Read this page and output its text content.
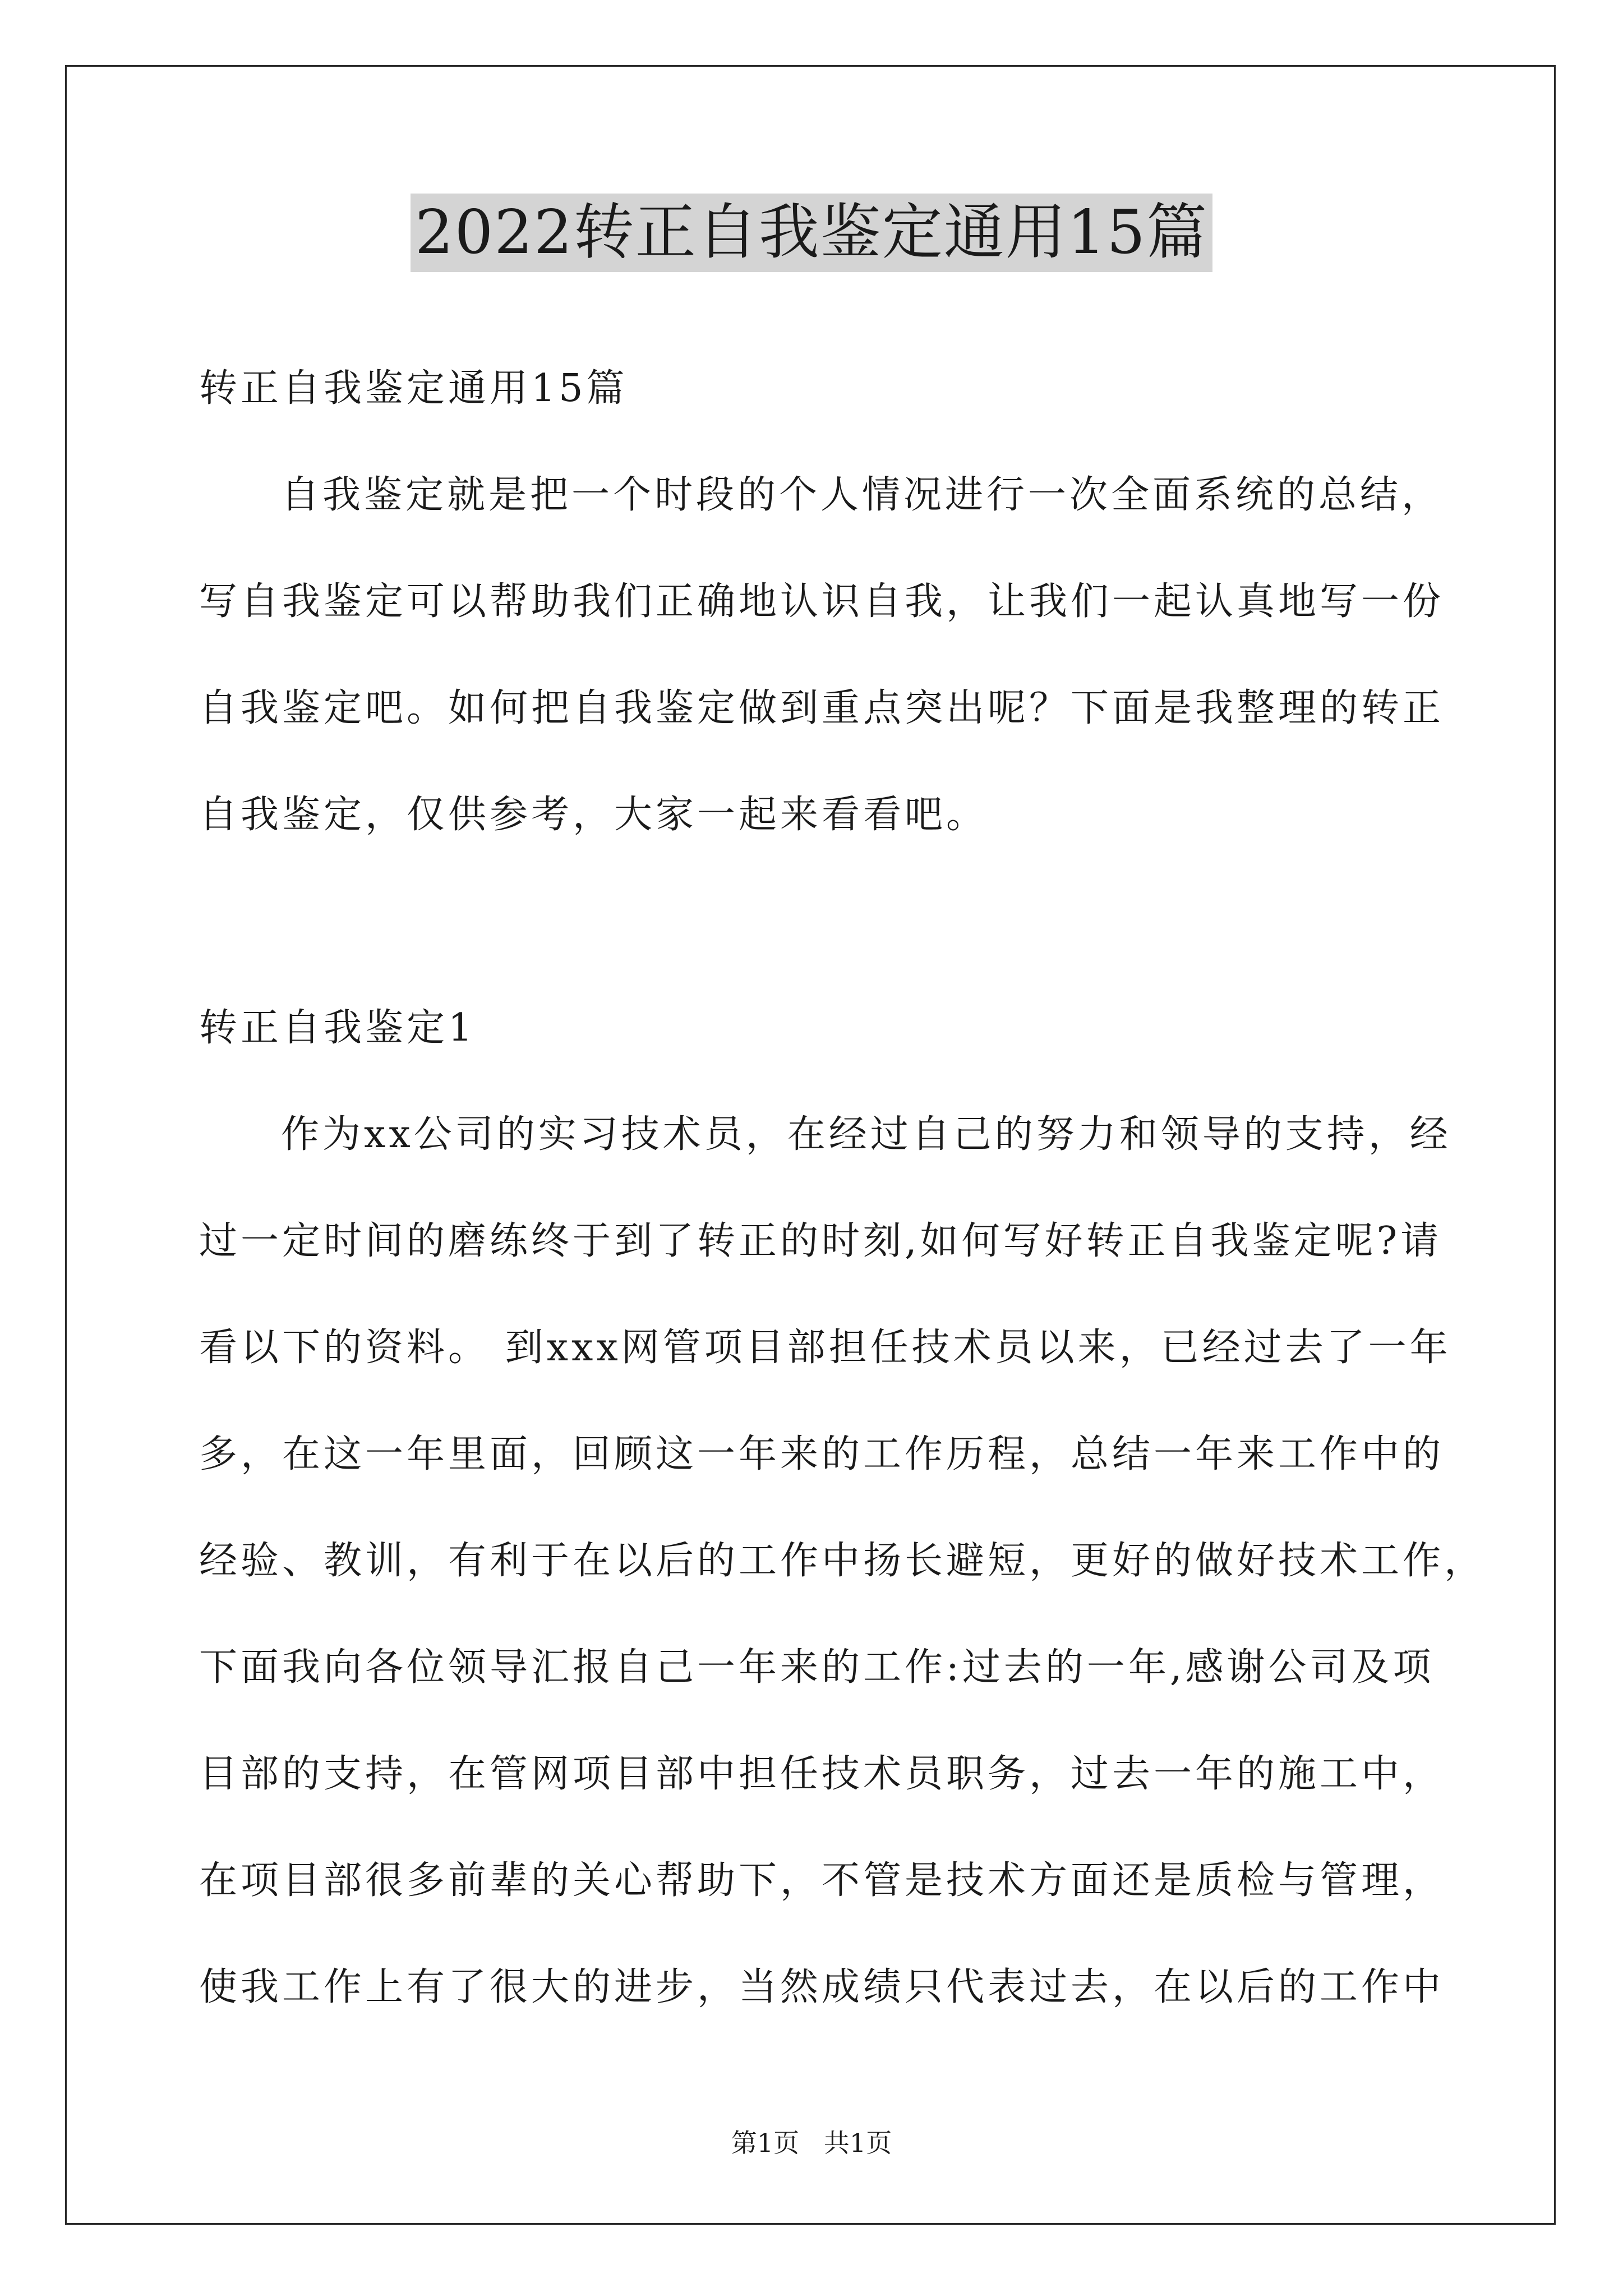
2022转正自我鉴定通用15篇
转正自我鉴定通用15篇
自我鉴定就是把一个时段的个人情况进行一次全面系统的总结，
写自我鉴定可以帮助我们正确地认识自我，让我们一起认真地写一份
自我鉴定吧。如何把自我鉴定做到重点突出呢？下面是我整理的转正
自我鉴定，仅供参考，大家一起来看看吧。
转正自我鉴定1
作为xx公司的实习技术员，在经过自己的努力和领导的支持，经
过一定时间的磨练终于到了转正的时刻,如何写好转正自我鉴定呢?请
看以下的资料。 到xxx网管项目部担任技术员以来，已经过去了一年
多，在这一年里面，回顾这一年来的工作历程，总结一年来工作中的
经验、教训，有利于在以后的工作中扬长避短，更好的做好技术工作，
下面我向各位领导汇报自己一年来的工作:过去的一年,感谢公司及项
目部的支持，在管网项目部中担任技术员职务，过去一年的施工中，
在项目部很多前辈的关心帮助下，不管是技术方面还是质检与管理，
使我工作上有了很大的进步，当然成绩只代表过去，在以后的工作中
第1页   共1页
